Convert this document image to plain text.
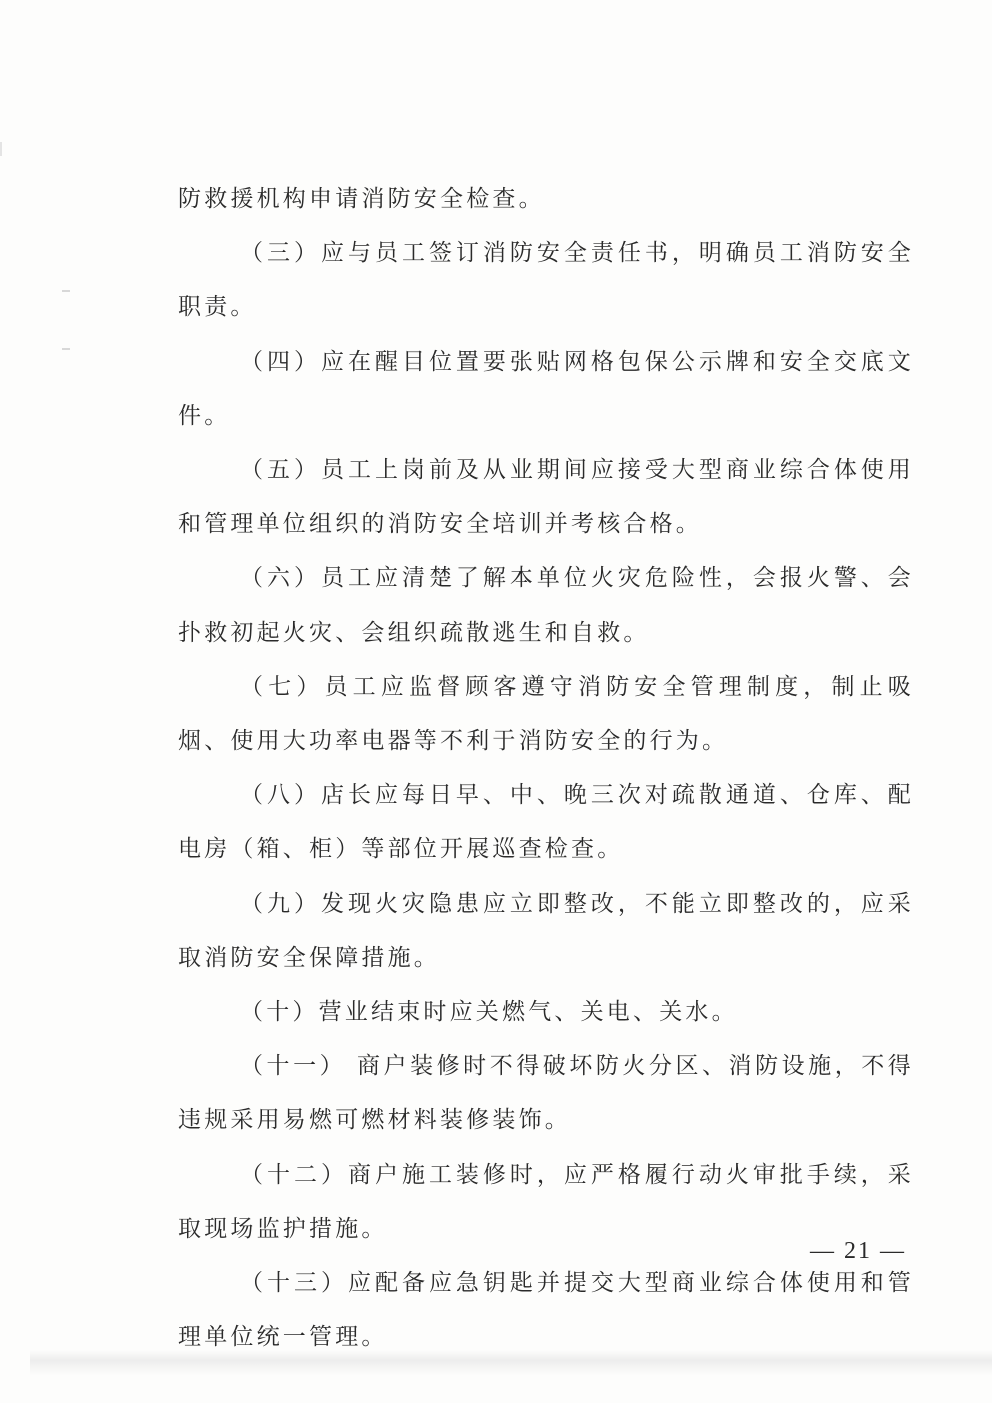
防救援机构申请消防安全检查。

（三）应与员工签订消防安全责任书，明确员工消防安全职责。

（四）应在醒目位置要张贴网格包保公示牌和安全交底文件。

（五）员工上岗前及从业期间应接受大型商业综合体使用和管理单位组织的消防安全培训并考核合格。

（六）员工应清楚了解本单位火灾危险性，会报火警、会扑救初起火灾、会组织疏散逃生和自救。

（七）员工应监督顾客遵守消防安全管理制度，制止吸烟、使用大功率电器等不利于消防安全的行为。

（八）店长应每日早、中、晚三次对疏散通道、仓库、配电房（箱、柜）等部位开展巡查检查。

（九）发现火灾隐患应立即整改，不能立即整改的，应采取消防安全保障措施。

（十）营业结束时应关燃气、关电、关水。

（十一） 商户装修时不得破坏防火分区、消防设施，不得违规采用易燃可燃材料装修装饰。

（十二）商户施工装修时，应严格履行动火审批手续，采取现场监护措施。

（十三）应配备应急钥匙并提交大型商业综合体使用和管理单位统一管理。

— 21 —
